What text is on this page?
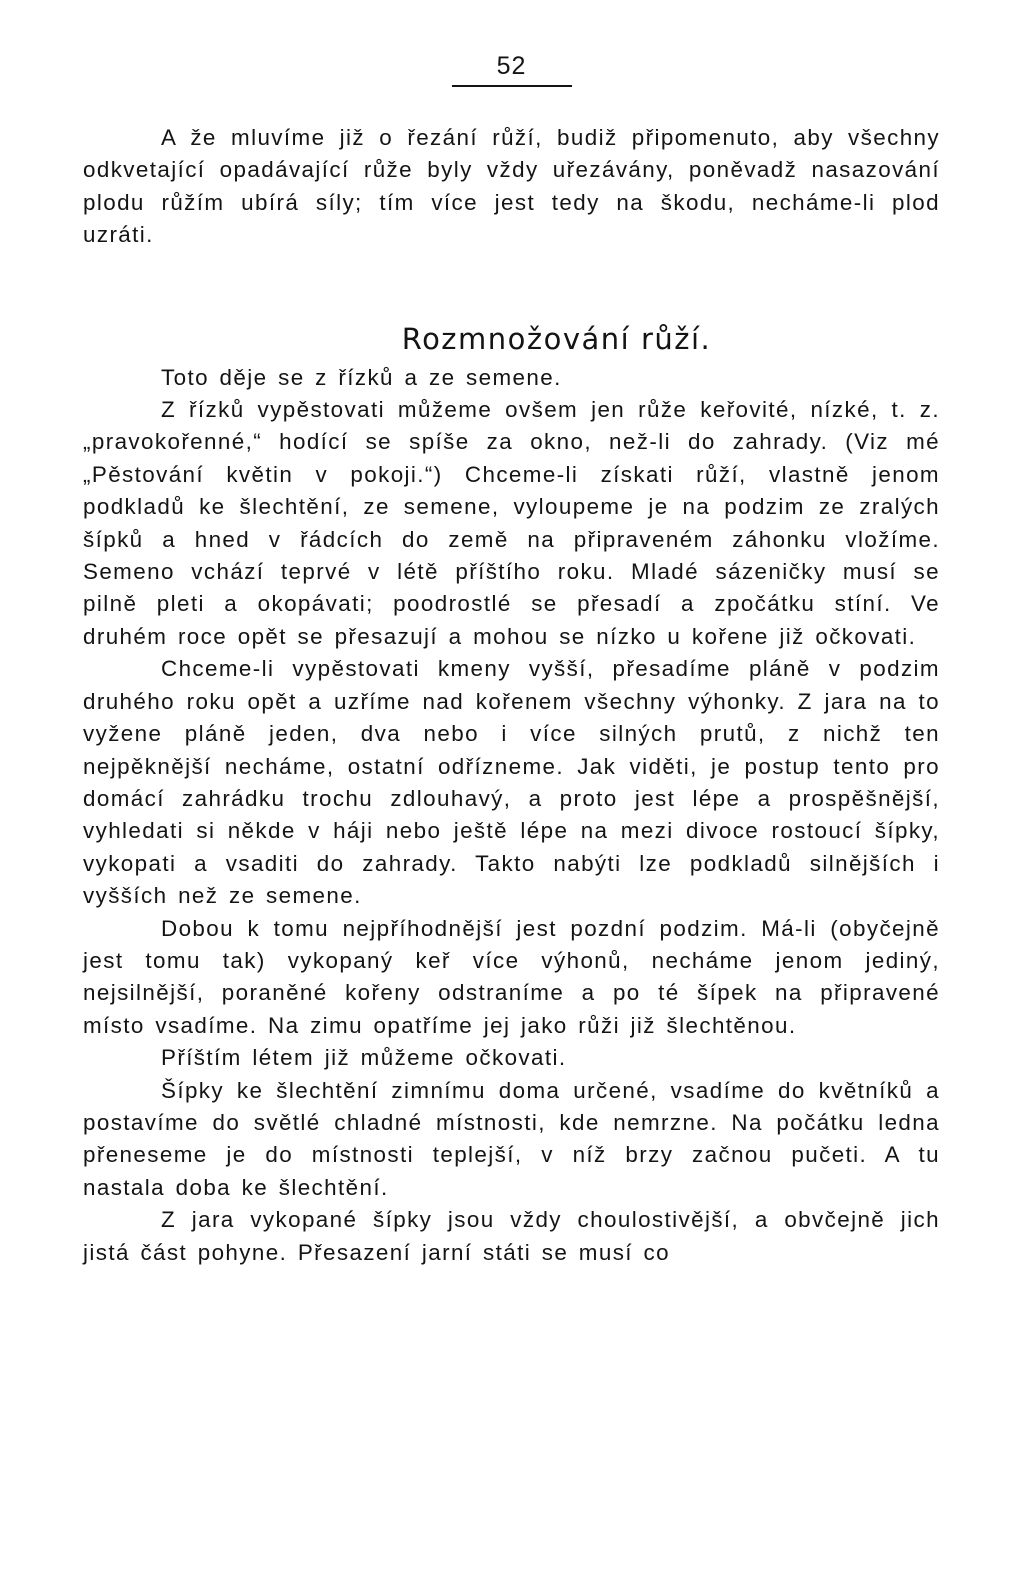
52

A že mluvíme již o řezání růží, budiž připomenuto, aby všechny odkvetající opadávající růže byly vždy uřezávány, poněvadž nasazování plodu růžím ubírá síly; tím více jest tedy na škodu, necháme-li plod uzráti.

Rozmnožování růží.

Toto děje se z řízků a ze semene.

Z řízků vypěstovati můžeme ovšem jen růže keřovité, nízké, t. z. „pravokořenné,“ hodící se spíše za okno, než-li do zahrady. (Viz mé „Pěstování květin v pokoji.“) Chceme-li získati růží, vlastně jenom podkladů ke šlechtění, ze semene, vyloupeme je na podzim ze zralých šípků a hned v řádcích do země na připraveném záhonku vložíme. Semeno vchází teprvé v létě příštího roku. Mladé sázeničky musí se pilně pleti a okopávati; poodrostlé se přesadí a zpočátku stíní. Ve druhém roce opět se přesazují a mohou se nízko u kořene již očkovati.

Chceme-li vypěstovati kmeny vyšší, přesadíme pláně v podzim druhého roku opět a uzříme nad kořenem všechny výhonky. Z jara na to vyžene pláně jeden, dva nebo i více silných prutů, z nichž ten nejpěknější necháme, ostatní odřízneme. Jak viděti, je postup tento pro domácí zahrádku trochu zdlouhavý, a proto jest lépe a prospěšnější, vyhledati si někde v háji nebo ještě lépe na mezi divoce rostoucí šípky, vykopati a vsaditi do zahrady. Takto nabýti lze podkladů silnějších i vyšších než ze semene.

Dobou k tomu nejpříhodnější jest pozdní podzim. Má-li (obyčejně jest tomu tak) vykopaný keř více výhonů, necháme jenom jediný, nejsilnější, poraněné kořeny odstraníme a po té šípek na připravené místo vsadíme. Na zimu opatříme jej jako růži již šlechtěnou.

Příštím létem již můžeme očkovati.

Šípky ke šlechtění zimnímu doma určené, vsadíme do květníků a postavíme do světlé chladné místnosti, kde nemrzne. Na počátku ledna přeneseme je do místnosti teplejší, v níž brzy začnou pučeti. A tu nastala doba ke šlechtění.

Z jara vykopané šípky jsou vždy choulostivější, a obvčejně jich jistá část pohyne. Přesazení jarní státi se musí co
